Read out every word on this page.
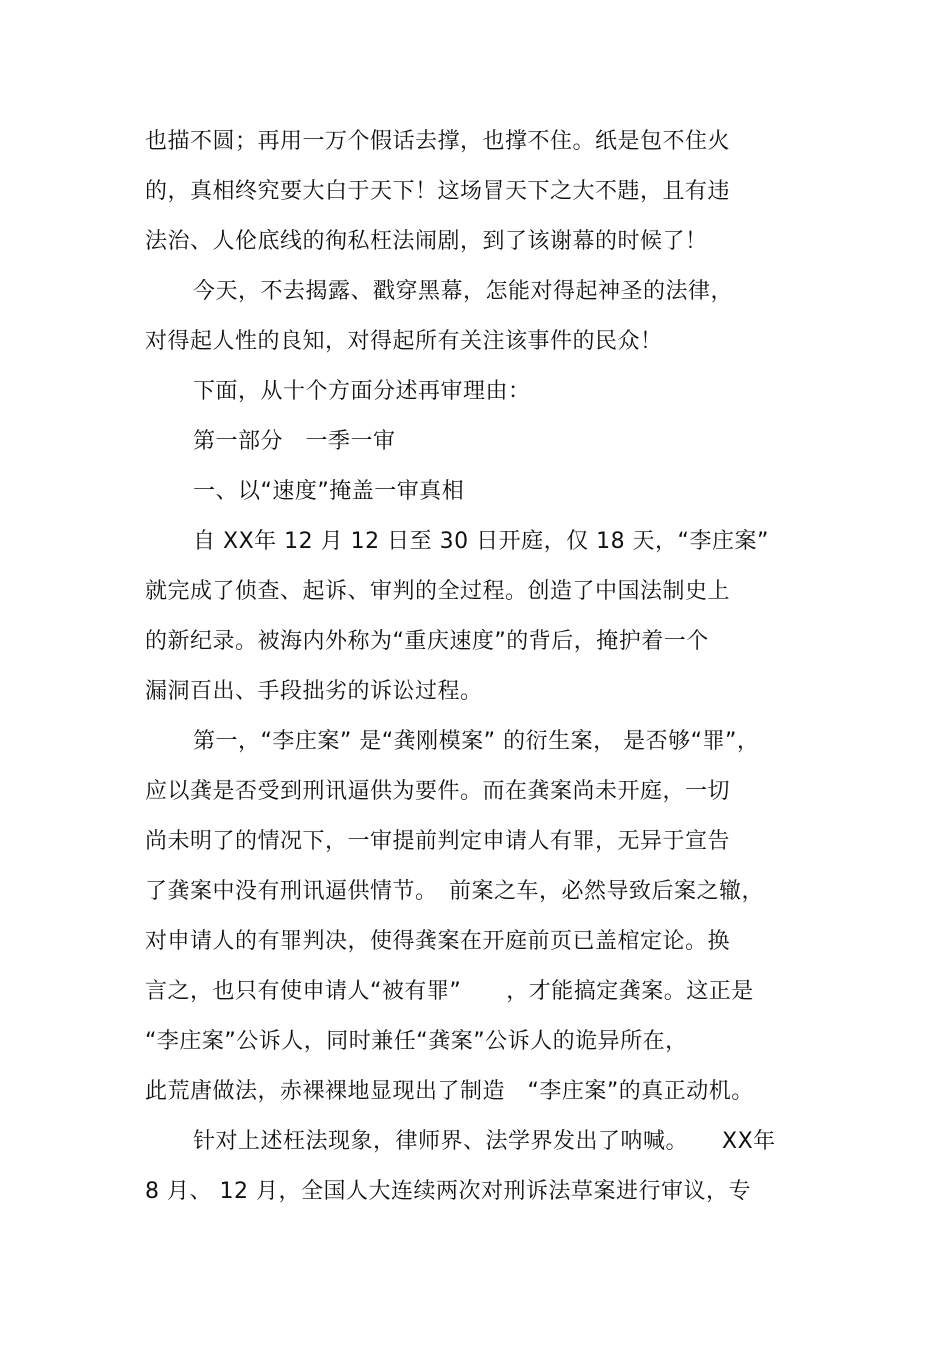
也描不圆；再用一万个假话去撑，也撑不住。纸是包不住火
的，真相终究要大白于天下！这场冒天下之大不韪，且有违
法治、人伦底线的徇私枉法闹剧，到了该谢幕的时候了！
今天，不去揭露、戳穿黑幕，怎能对得起神圣的法律，
对得起人性的良知，对得起所有关注该事件的民众！
下面，从十个方面分述再审理由：
第一部分　一季一审
一、以“速度”掩盖一审真相
自 XX年 12 月 12 日至 30 日开庭，仅 18 天，“李庄案”
就完成了侦查、起诉、审判的全过程。创造了中国法制史上
的新纪录。被海内外称为“重庆速度”的背后，掩护着一个
漏洞百出、手段拙劣的诉讼过程。
第一，“李庄案” 是“龚刚模案” 的衍生案， 是否够“罪”，
应以龚是否受到刑讯逼供为要件。而在龚案尚未开庭，一切
尚未明了的情况下，一审提前判定申请人有罪，无异于宣告
了龚案中没有刑讯逼供情节。　前案之车，必然导致后案之辙，
对申请人的有罪判决，使得龚案在开庭前页已盖棺定论。换
言之，也只有使申请人“被有罪”　　，才能搞定龚案。这正是
“李庄案”公诉人，同时兼任“龚案”公诉人的诡异所在，
此荒唐做法，赤裸裸地显现出了制造　“李庄案”的真正动机。
针对上述枉法现象，律师界、法学界发出了呐喊。　　XX年
8 月、 12 月，全国人大连续两次对刑诉法草案进行审议，专
